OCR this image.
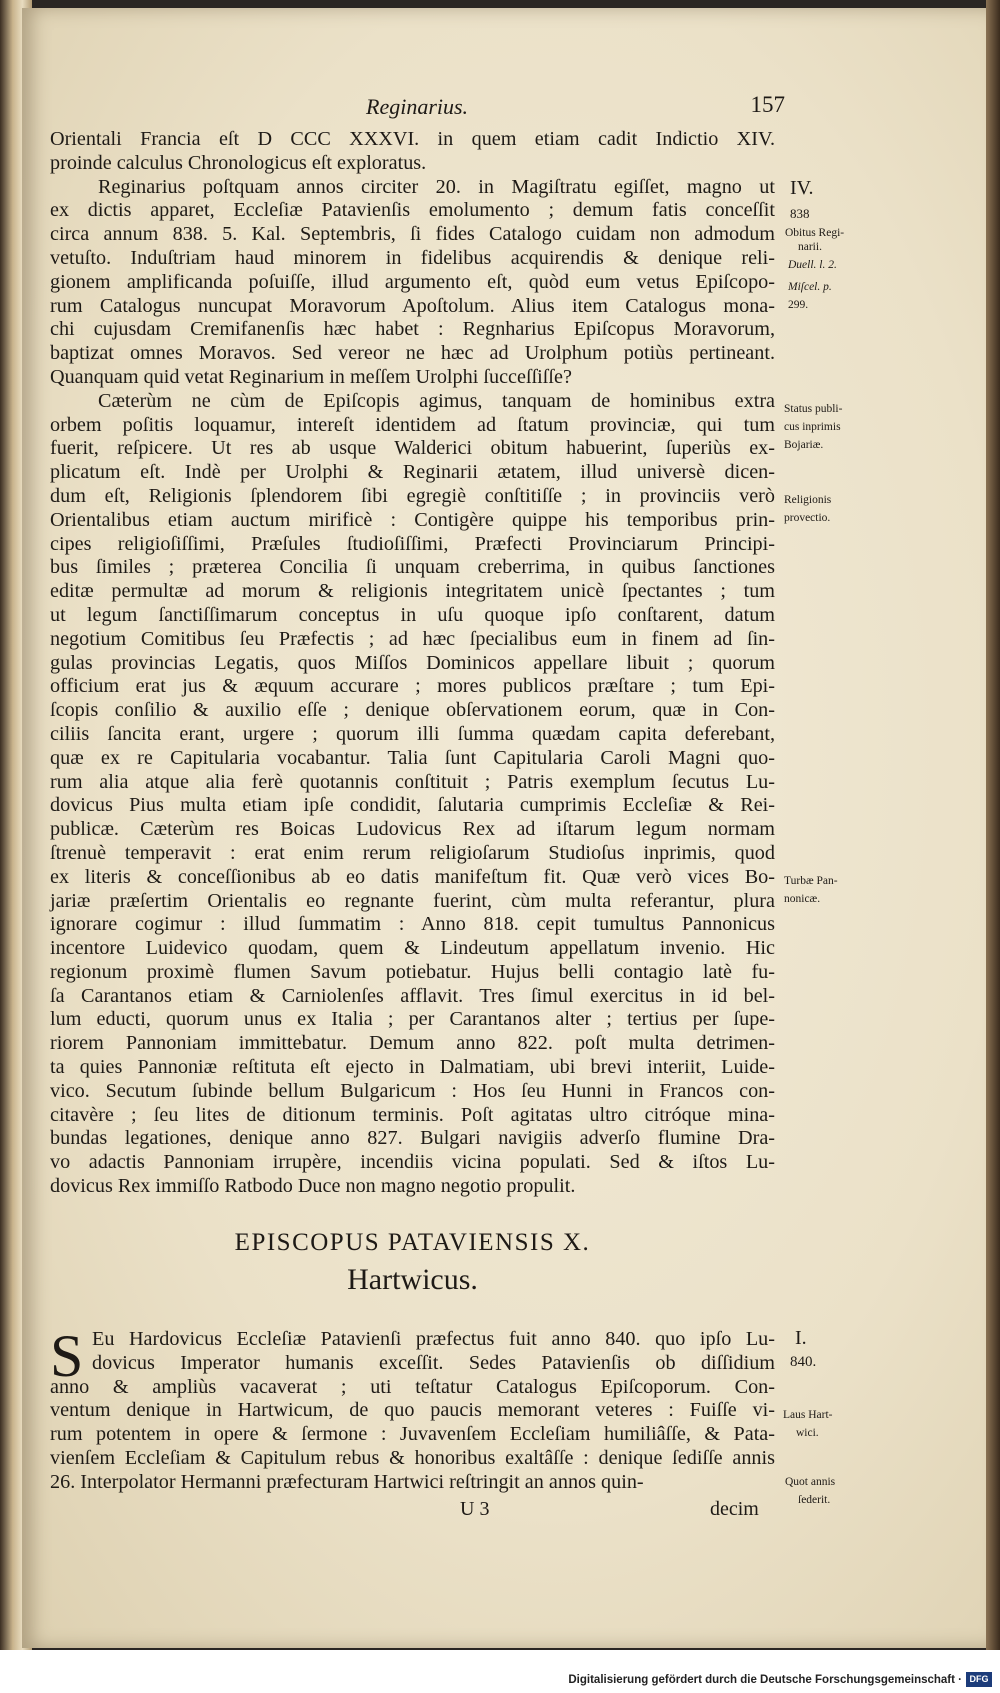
Reginarius.	157
Orientali Francia eſt D CCC XXXVI. in quem etiam cadit Indictio XIV.
proinde calculus Chronologicus eſt exploratus.
Reginarius poſtquam annos circiter 20. in Magiſtratu egiſſet, magno ut
ex dictis apparet, Eccleſiæ Patavienſis emolumento ; demum fatis conceſſit
circa annum 838. 5. Kal. Septembris, ſi fides Catalogo cuidam non admodum
vetuſto. Induſtriam haud minorem in fidelibus acquirendis & denique reli-
gionem amplificanda poſuiſſe, illud argumento eſt, quòd eum vetus Epiſcopo-
rum Catalogus nuncupat Moravorum Apoſtolum. Alius item Catalogus mona-
chi cujusdam Cremifanenſis hæc habet : Regnharius Epiſcopus Moravorum,
baptizat omnes Moravos. Sed vereor ne hæc ad Urolphum potiùs pertineant.
Quanquam quid vetat Reginarium in meſſem Urolphi ſucceſſiſſe?
Cæterùm ne cùm de Epiſcopis agimus, tanquam de hominibus extra
orbem poſitis loquamur, intereſt identidem ad ſtatum provinciæ, qui tum
fuerit, reſpicere. Ut res ab usque Walderici obitum habuerint, ſuperiùs ex-
plicatum eſt. Indè per Urolphi & Reginarii ætatem, illud universè dicen-
dum eſt, Religionis ſplendorem ſibi egregiè conſtitiſſe ; in provinciis verò
Orientalibus etiam auctum mirificè : Contigère quippe his temporibus prin-
cipes religioſiſſimi, Præſules ſtudioſiſſimi, Præfecti Provinciarum Principi-
bus ſimiles ; præterea Concilia ſi unquam creberrima, in quibus ſanctiones
editæ permultæ ad morum & religionis integritatem unicè ſpectantes ; tum
ut legum ſanctiſſimarum conceptus in uſu quoque ipſo conſtarent, datum
negotium Comitibus ſeu Præfectis ; ad hæc ſpecialibus eum in finem ad ſin-
gulas provincias Legatis, quos Miſſos Dominicos appellare libuit ; quorum
officium erat jus & æquum accurare ; mores publicos præſtare ; tum Epi-
ſcopis conſilio & auxilio eſſe ; denique obſervationem eorum, quæ in Con-
ciliis ſancita erant, urgere ; quorum illi ſumma quædam capita deferebant,
quæ ex re Capitularia vocabantur. Talia ſunt Capitularia Caroli Magni quo-
rum alia atque alia ferè quotannis conſtituit ; Patris exemplum ſecutus Lu-
dovicus Pius multa etiam ipſe condidit, ſalutaria cumprimis Eccleſiæ & Rei-
publicæ. Cæterùm res Boicas Ludovicus Rex ad iſtarum legum normam
ſtrenuè temperavit : erat enim rerum religioſarum Studioſus inprimis, quod
ex literis & conceſſionibus ab eo datis manifeſtum fit. Quæ verò vices Bo-
jariæ præſertim Orientalis eo regnante fuerint, cùm multa referantur, plura
ignorare cogimur : illud ſummatim : Anno 818. cepit tumultus Pannonicus
incentore Luidevico quodam, quem & Lindeutum appellatum invenio. Hic
regionum proximè flumen Savum potiebatur. Hujus belli contagio latè fu-
ſa Carantanos etiam & Carniolenſes afflavit. Tres ſimul exercitus in id bel-
lum educti, quorum unus ex Italia ; per Carantanos alter ; tertius per ſupe-
riorem Pannoniam immittebatur. Demum anno 822. poſt multa detrimen-
ta quies Pannoniæ reſtituta eſt ejecto in Dalmatiam, ubi brevi interiit, Luide-
vico. Secutum ſubinde bellum Bulgaricum : Hos ſeu Hunni in Francos con-
citavère ; ſeu lites de ditionum terminis. Poſt agitatas ultro citróque mina-
bundas legationes, denique anno 827. Bulgari navigiis adverſo flumine Dra-
vo adactis Pannoniam irrupère, incendiis vicina populati. Sed & iſtos Lu-
dovicus Rex immiſſo Ratbodo Duce non magno negotio propulit.
EPISCOPUS PATAVIENSIS X.
Hartwicus.
S Eu Hardovicus Eccleſiæ Patavienſi præfectus fuit anno 840. quo ipſo Lu-
dovicus Imperator humanis exceſſit. Sedes Patavienſis ob diſſidium
anno & ampliùs vacaverat ; uti teſtatur Catalogus Epiſcoporum. Con-
ventum denique in Hartwicum, de quo paucis memorant veteres : Fuiſſe vi-
rum potentem in opere & ſermone : Juvavenſem Eccleſiam humiliâſſe, & Pata-
vienſem Eccleſiam & Capitulum rebus & honoribus exaltâſſe : denique ſediſſe annis
26. Interpolator Hermanni præfecturam Hartwici reſtringit an annos quin-
U 3	decim
IV.
838
Obitus Regi-
narii.
Duell. l. 2.
Miſcel. p.
299.
Status publi-
cus inprimis
Bojariæ.
Religionis
provectio.
Turbæ Pan-
nonicæ.
I.
840.
Laus Hart-
wici.
Quot annis
ſederit.
Digitalisierung gefördert durch die Deutsche Forschungsgemeinschaft · DFG
